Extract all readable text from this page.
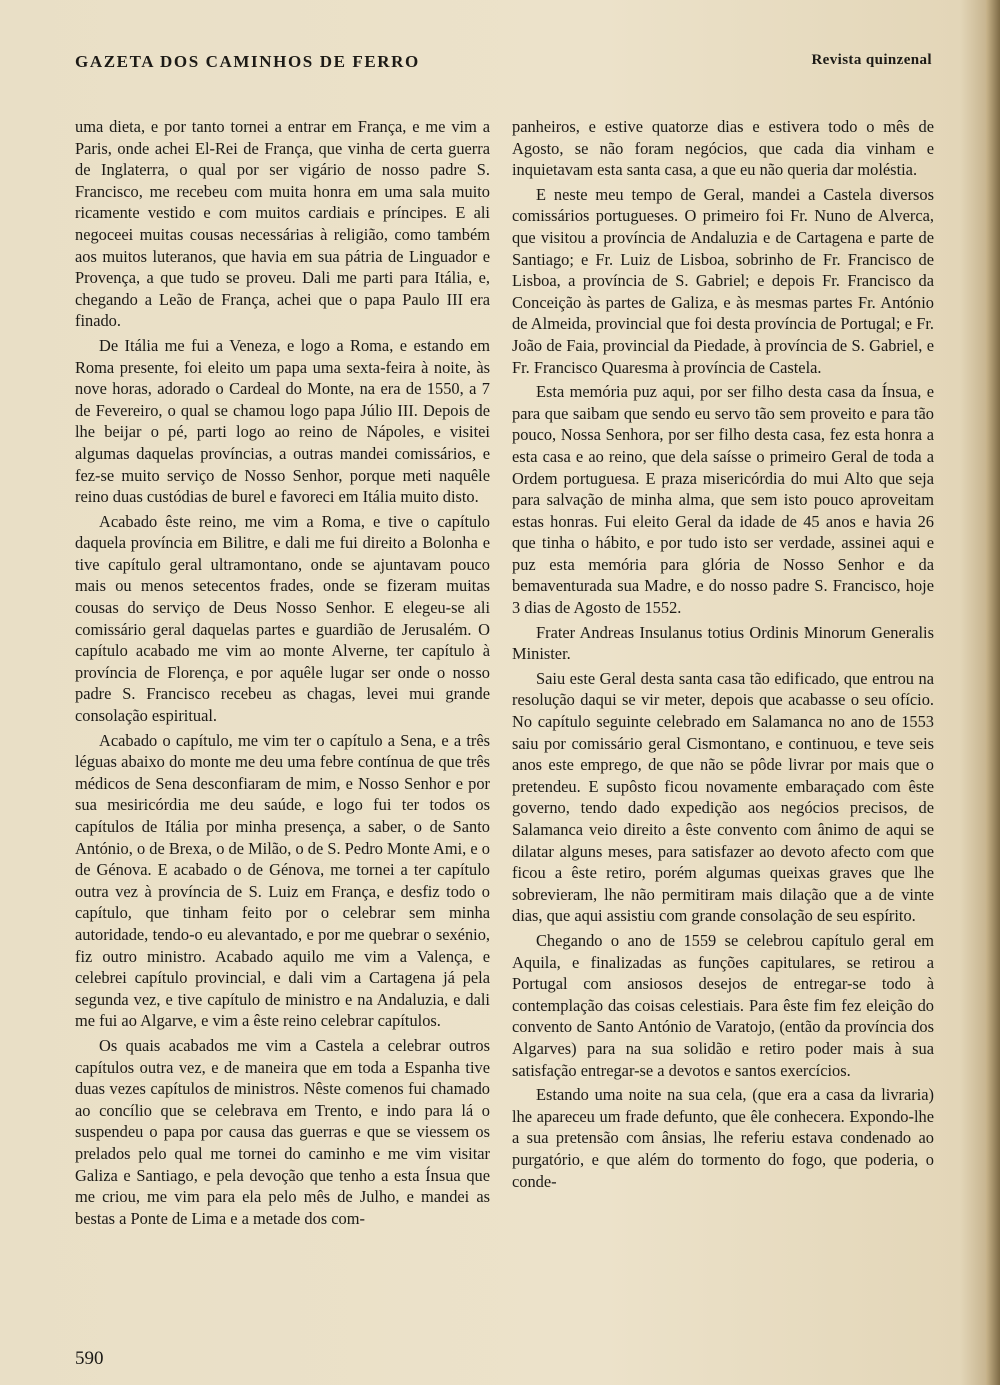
GAZETA DOS CAMINHOS DE FERRO	Revista quinzenal

uma dieta, e por tanto tornei a entrar em França, e me vim a Paris, onde achei El-Rei de França, que vinha de certa guerra de Inglaterra, o qual por ser vigário de nosso padre S. Francisco, me recebeu com muita honra em uma sala muito ricamente vestido e com muitos cardiais e príncipes. E ali negoceei muitas cousas necessárias à religião, como também aos muitos luteranos, que havia em sua pátria de Linguador e Provença, a que tudo se proveu. Dali me parti para Itália, e, chegando a Leão de França, achei que o papa Paulo III era finado.

De Itália me fui a Veneza, e logo a Roma, e estando em Roma presente, foi eleito um papa uma sexta-feira à noite, às nove horas, adorado o Cardeal do Monte, na era de 1550, a 7 de Fevereiro, o qual se chamou logo papa Júlio III. Depois de lhe beijar o pé, parti logo ao reino de Nápoles, e visitei algumas daquelas províncias, a outras mandei comissários, e fez-se muito serviço de Nosso Senhor, porque meti naquêle reino duas custódias de burel e favoreci em Itália muito disto.

Acabado êste reino, me vim a Roma, e tive o capítulo daquela província em Bilitre, e dali me fui direito a Bolonha e tive capítulo geral ultramontano, onde se ajuntavam pouco mais ou menos setecentos frades, onde se fizeram muitas cousas do serviço de Deus Nosso Senhor. E elegeu-se ali comissário geral daquelas partes e guardião de Jerusalém. O capítulo acabado me vim ao monte Alverne, ter capítulo à província de Florença, e por aquêle lugar ser onde o nosso padre S. Francisco recebeu as chagas, levei mui grande consolação espiritual.

Acabado o capítulo, me vim ter o capítulo a Sena, e a três léguas abaixo do monte me deu uma febre contínua de que três médicos de Sena desconfiaram de mim, e Nosso Senhor e por sua mesiricórdia me deu saúde, e logo fui ter todos os capítulos de Itália por minha presença, a saber, o de Santo António, o de Brexa, o de Milão, o de S. Pedro Monte Ami, e o de Génova. E acabado o de Génova, me tornei a ter capítulo outra vez à província de S. Luiz em França, e desfiz todo o capítulo, que tinham feito por o celebrar sem minha autoridade, tendo-o eu alevantado, e por me quebrar o sexénio, fiz outro ministro. Acabado aquilo me vim a Valença, e celebrei capítulo provincial, e dali vim a Cartagena já pela segunda vez, e tive capítulo de ministro e na Andaluzia, e dali me fui ao Algarve, e vim a êste reino celebrar capítulos.

Os quais acabados me vim a Castela a celebrar outros capítulos outra vez, e de maneira que em toda a Espanha tive duas vezes capítulos de ministros. Nêste comenos fui chamado ao concílio que se celebrava em Trento, e indo para lá o suspendeu o papa por causa das guerras e que se viessem os prelados pelo qual me tornei do caminho e me vim visitar Galiza e Santiago, e pela devoção que tenho a esta Ínsua que me criou, me vim para ela pelo mês de Julho, e mandei as bestas a Ponte de Lima e a metade dos com-

panheiros, e estive quatorze dias e estivera todo o mês de Agosto, se não foram negócios, que cada dia vinham e inquietavam esta santa casa, a que eu não queria dar moléstia.

E neste meu tempo de Geral, mandei a Castela diversos comissários portugueses. O primeiro foi Fr. Nuno de Alverca, que visitou a província de Andaluzia e de Cartagena e parte de Santiago; e Fr. Luiz de Lisboa, sobrinho de Fr. Francisco de Lisboa, a província de S. Gabriel; e depois Fr. Francisco da Conceição às partes de Galiza, e às mesmas partes Fr. António de Almeida, provincial que foi desta província de Portugal; e Fr. João de Faia, provincial da Piedade, à província de S. Gabriel, e Fr. Francisco Quaresma à província de Castela.

Esta memória puz aqui, por ser filho desta casa da Ínsua, e para que saibam que sendo eu servo tão sem proveito e para tão pouco, Nossa Senhora, por ser filho desta casa, fez esta honra a esta casa e ao reino, que dela saísse o primeiro Geral de toda a Ordem portuguesa. E praza misericórdia do mui Alto que seja para salvação de minha alma, que sem isto pouco aproveitam estas honras. Fui eleito Geral da idade de 45 anos e havia 26 que tinha o hábito, e por tudo isto ser verdade, assinei aqui e puz esta memória para glória de Nosso Senhor e da bemaventurada sua Madre, e do nosso padre S. Francisco, hoje 3 dias de Agosto de 1552.

Frater Andreas Insulanus totius Ordinis Minorum Generalis Minister.

Saiu este Geral desta santa casa tão edificado, que entrou na resolução daqui se vir meter, depois que acabasse o seu ofício. No capítulo seguinte celebrado em Salamanca no ano de 1553 saiu por comissário geral Cismontano, e continuou, e teve seis anos este emprego, de que não se pôde livrar por mais que o pretendeu. E supôsto ficou novamente embaraçado com êste governo, tendo dado expedição aos negócios precisos, de Salamanca veio direito a êste convento com ânimo de aqui se dilatar alguns meses, para satisfazer ao devoto afecto com que ficou a êste retiro, porém algumas queixas graves que lhe sobrevieram, lhe não permitiram mais dilação que a de vinte dias, que aqui assistiu com grande consolação de seu espírito.

Chegando o ano de 1559 se celebrou capítulo geral em Aquila, e finalizadas as funções capitulares, se retirou a Portugal com ansiosos desejos de entregar-se todo à contemplação das coisas celestiais. Para êste fim fez eleição do convento de Santo António de Varatojo, (então da província dos Algarves) para na sua solidão e retiro poder mais à sua satisfação entregar-se a devotos e santos exercícios.

Estando uma noite na sua cela, (que era a casa da livraria) lhe apareceu um frade defunto, que êle conhecera. Expondo-lhe a sua pretensão com ânsias, lhe referiu estava condenado ao purgatório, e que além do tormento do fogo, que poderia, o conde-

590
